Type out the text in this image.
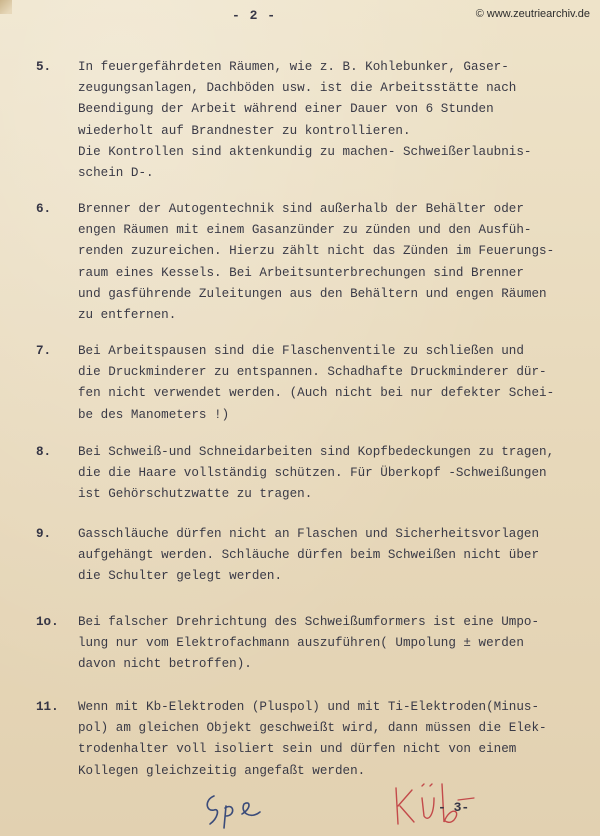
- 2 -	© www.zeutriearchiv.de
5.	In feuergefährdeten Räumen, wie z. B. Kohlebunker, Gaser-
zeugungsanlagen, Dachböden usw. ist die Arbeitsstätte nach
Beendigung der Arbeit während einer Dauer von 6 Stunden
wiederholt auf Brandnester zu kontrollieren.
Die Kontrollen sind aktenkundig zu machen- Schweißerlaubnis-
schein D-.
6.	Brenner der Autogentechnik sind außerhalb der Behälter oder
engen Räumen mit einem Gasanzünder zu zünden und den Ausfüh-
renden zuzureichen. Hierzu zählt nicht das Zünden im Feuerungs-
raum eines Kessels. Bei Arbeitsunterbrechungen sind Brenner
und gasführende Zuleitungen aus den Behältern und engen Räumen
zu entfernen.
7.	Bei Arbeitspausen sind die Flaschenventile zu schließen und
die Druckminderer zu entspannen. Schadhafte Druckminderer dür-
fen nicht verwendet werden. (Auch nicht bei nur defekter Schei-
be des Manometers !)
8.	Bei Schweiß-und Schneidarbeiten sind Kopfbedeckungen zu tragen,
die die Haare vollständig schützen. Für Überkopf -Schweißungen
ist Gehörschutzwatte zu tragen.
9.	Gasschläuche dürfen nicht an Flaschen und Sicherheitsvorlagen
aufgehängt werden. Schläuche dürfen beim Schweißen nicht über
die Schulter gelegt werden.
1o.	Bei falscher Drehrichtung des Schweißumformers ist eine Umpo-
lung nur vom Elektrofachmann auszuführen( Umpolung ± werden
davon nicht betroffen).
11.	Wenn mit Kb-Elektroden (Pluspol) und mit Ti-Elektroden(Minus-
pol) am gleichen Objekt geschweißt wird, dann müssen die Elek-
trodenhalter voll isoliert sein und dürfen nicht von einem
Kollegen gleichzeitig angefaßt werden.
- 3-
